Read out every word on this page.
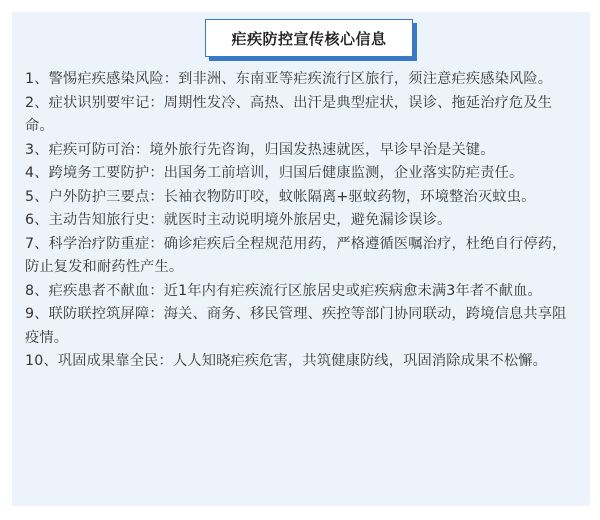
疟疾防控宣传核心信息

1、警惕疟疾感染风险：到非洲、东南亚等疟疾流行区旅行，须注意疟疾感染风险。

2、症状识别要牢记：周期性发冷、高热、出汗是典型症状，误诊、拖延治疗危及生命。

3、疟疾可防可治：境外旅行先咨询，归国发热速就医，早诊早治是关键。

4、跨境务工要防护：出国务工前培训，归国后健康监测，企业落实防疟责任。

5、户外防护三要点：长袖衣物防叮咬，蚊帐隔离+驱蚊药物，环境整治灭蚊虫。

6、主动告知旅行史：就医时主动说明境外旅居史，避免漏诊误诊。

7、科学治疗防重症：确诊疟疾后全程规范用药，严格遵循医嘱治疗，杜绝自行停药，防止复发和耐药性产生。

8、疟疾患者不献血：近1年内有疟疾流行区旅居史或疟疾病愈未满3年者不献血。

9、联防联控筑屏障：海关、商务、移民管理、疾控等部门协同联动，跨境信息共享阻疫情。

10、巩固成果靠全民：人人知晓疟疾危害，共筑健康防线，巩固消除成果不松懈。
